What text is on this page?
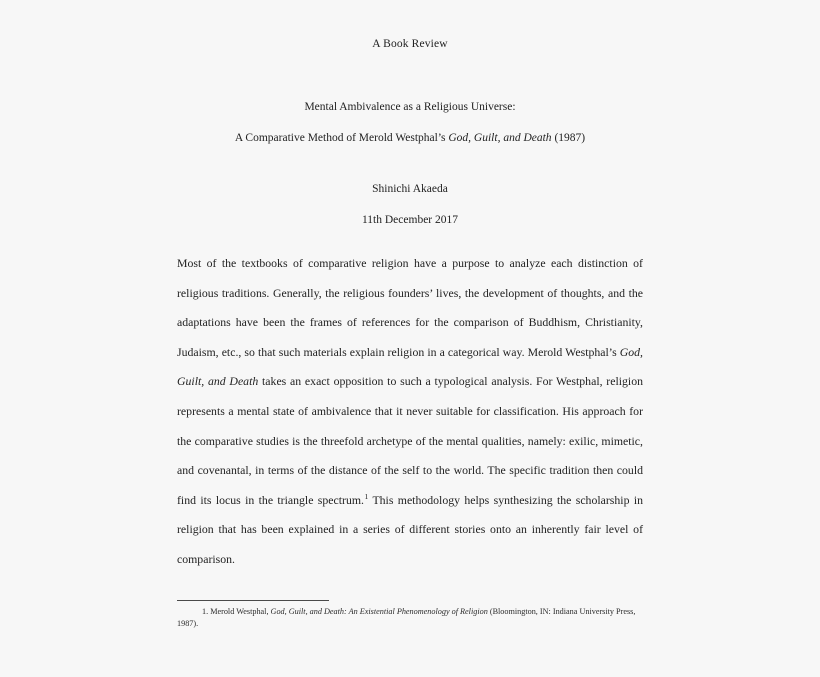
A Book Review
Mental Ambivalence as a Religious Universe:
A Comparative Method of Merold Westphal’s God, Guilt, and Death (1987)
Shinichi Akaeda
11th December 2017

Most of the textbooks of comparative religion have a purpose to analyze each distinction of religious traditions. Generally, the religious founders’ lives, the development of thoughts, and the adaptations have been the frames of references for the comparison of Buddhism, Christianity, Judaism, etc., so that such materials explain religion in a categorical way. Merold Westphal’s God, Guilt, and Death takes an exact opposition to such a typological analysis. For Westphal, religion represents a mental state of ambivalence that it never suitable for classification. His approach for the comparative studies is the threefold archetype of the mental qualities, namely: exilic, mimetic, and covenantal, in terms of the distance of the self to the world. The specific tradition then could find its locus in the triangle spectrum.$^1$ This methodology helps synthesizing the scholarship in religion that has been explained in a series of different stories onto an inherently fair level of comparison.

1. Merold Westphal, God, Guilt, and Death: An Existential Phenomenology of Religion (Bloomington, IN: Indiana University Press, 1987).
